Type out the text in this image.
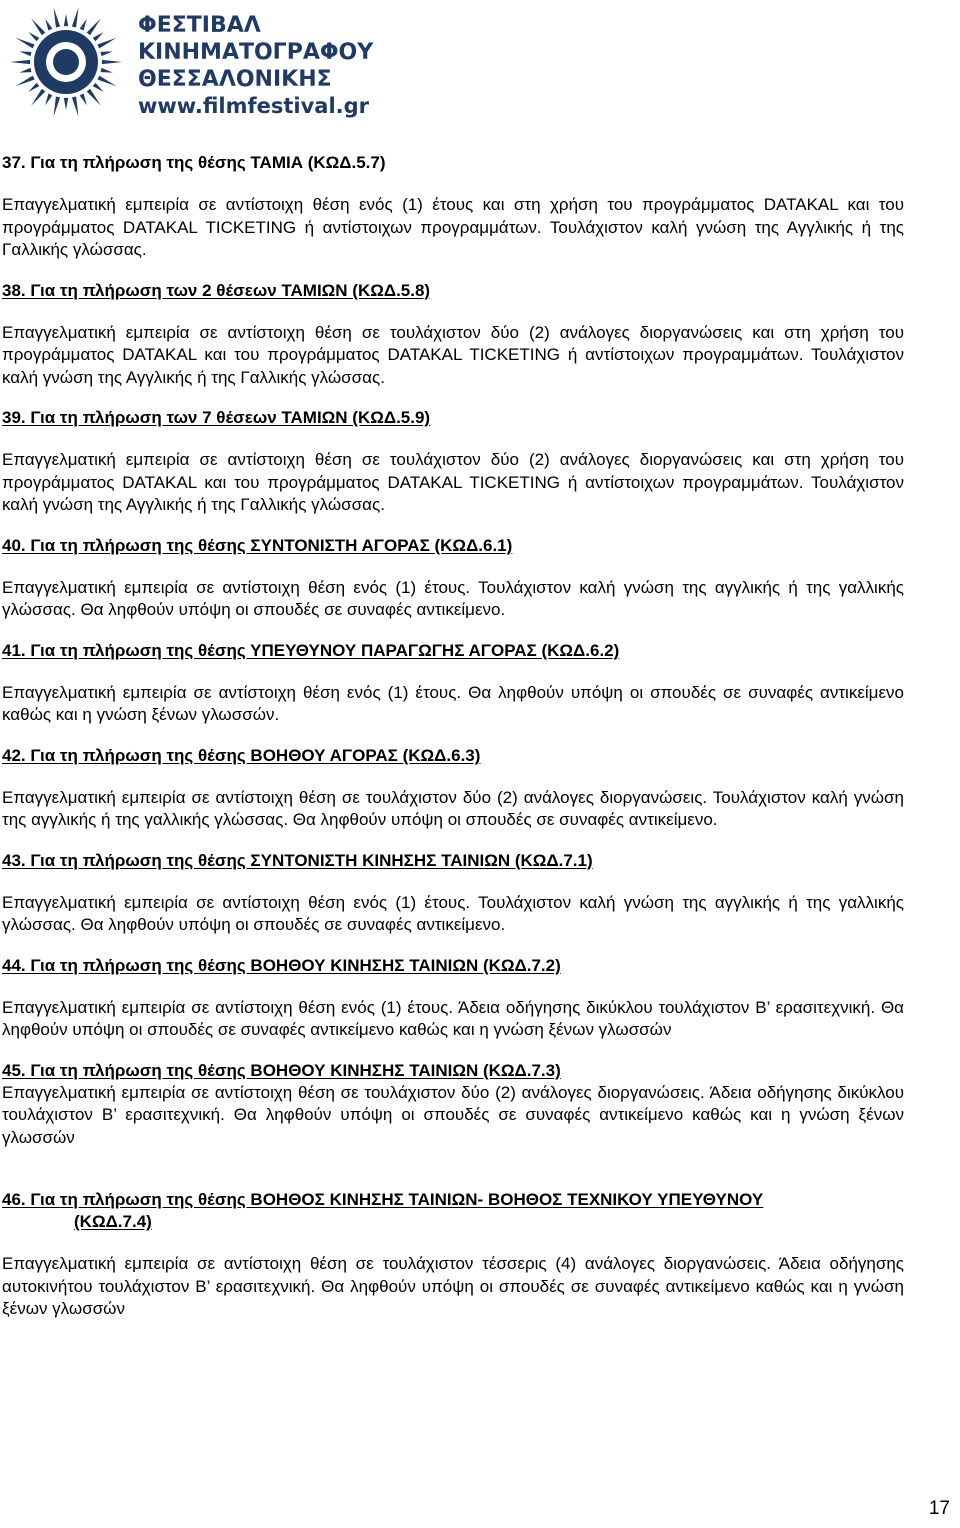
ΦΕΣΤΙΒΑΛ
ΚΙΝΗΜΑΤΟΓΡΑΦΟΥ
ΘΕΣΣΑΛΟΝΙΚΗΣ
www.filmfestival.gr

37. Για τη πλήρωση της θέσης ΤΑΜΙΑ (ΚΩΔ.5.7)

Επαγγελματική εμπειρία σε αντίστοιχη θέση ενός (1) έτους και στη χρήση του προγράμματος DATAKAL και του προγράμματος DATAKAL TICKETING ή αντίστοιχων προγραμμάτων. Τουλάχιστον καλή γνώση της Αγγλικής ή της Γαλλικής γλώσσας.

38. Για τη πλήρωση των 2 θέσεων ΤΑΜΙΩΝ (ΚΩΔ.5.8)

Επαγγελματική εμπειρία σε αντίστοιχη θέση σε τουλάχιστον δύο (2) ανάλογες διοργανώσεις και στη χρήση του προγράμματος DATAKAL και του προγράμματος DATAKAL TICKETING ή αντίστοιχων προγραμμάτων. Τουλάχιστον καλή γνώση της Αγγλικής ή της Γαλλικής γλώσσας.

39. Για τη πλήρωση των 7 θέσεων ΤΑΜΙΩΝ (ΚΩΔ.5.9)

Επαγγελματική εμπειρία σε αντίστοιχη θέση σε τουλάχιστον δύο (2) ανάλογες διοργανώσεις και στη χρήση του προγράμματος DATAKAL και του προγράμματος DATAKAL TICKETING ή αντίστοιχων προγραμμάτων. Τουλάχιστον καλή γνώση της Αγγλικής ή της Γαλλικής γλώσσας.

40. Για τη πλήρωση της θέσης ΣΥΝΤΟΝΙΣΤΗ ΑΓΟΡΑΣ (ΚΩΔ.6.1)

Επαγγελματική εμπειρία σε αντίστοιχη θέση ενός (1) έτους. Τουλάχιστον καλή γνώση της αγγλικής ή της γαλλικής γλώσσας. Θα ληφθούν υπόψη οι σπουδές σε συναφές αντικείμενο.

41. Για τη πλήρωση της θέσης ΥΠΕΥΘΥΝΟΥ ΠΑΡΑΓΩΓΗΣ ΑΓΟΡΑΣ (ΚΩΔ.6.2)

Επαγγελματική εμπειρία σε αντίστοιχη θέση ενός (1) έτους. Θα ληφθούν υπόψη οι σπουδές σε συναφές αντικείμενο καθώς και η γνώση ξένων γλωσσών.

42. Για τη πλήρωση της θέσης ΒΟΗΘΟΥ ΑΓΟΡΑΣ (ΚΩΔ.6.3)

Επαγγελματική εμπειρία σε αντίστοιχη θέση σε τουλάχιστον δύο (2) ανάλογες διοργανώσεις. Τουλάχιστον καλή γνώση της αγγλικής ή της γαλλικής γλώσσας. Θα ληφθούν υπόψη οι σπουδές σε συναφές αντικείμενο.

43. Για τη πλήρωση της θέσης ΣΥΝΤΟΝΙΣΤΗ ΚΙΝΗΣΗΣ ΤΑΙΝΙΩΝ (ΚΩΔ.7.1)

Επαγγελματική εμπειρία σε αντίστοιχη θέση ενός (1) έτους. Τουλάχιστον καλή γνώση της αγγλικής ή της γαλλικής γλώσσας. Θα ληφθούν υπόψη οι σπουδές σε συναφές αντικείμενο.

44. Για τη πλήρωση της θέσης ΒΟΗΘΟΥ ΚΙΝΗΣΗΣ ΤΑΙΝΙΩΝ (ΚΩΔ.7.2)

Επαγγελματική εμπειρία σε αντίστοιχη θέση ενός (1) έτους. Άδεια οδήγησης δικύκλου τουλάχιστον Β’ ερασιτεχνική. Θα ληφθούν υπόψη οι σπουδές σε συναφές αντικείμενο καθώς και η γνώση ξένων γλωσσών

45. Για τη πλήρωση της θέσης ΒΟΗΘΟΥ ΚΙΝΗΣΗΣ ΤΑΙΝΙΩΝ (ΚΩΔ.7.3)

Επαγγελματική εμπειρία σε αντίστοιχη θέση σε τουλάχιστον δύο (2) ανάλογες διοργανώσεις. Άδεια οδήγησης δικύκλου τουλάχιστον Β’ ερασιτεχνική. Θα ληφθούν υπόψη οι σπουδές σε συναφές αντικείμενο καθώς και η γνώση ξένων γλωσσών

46. Για τη πλήρωση της θέσης ΒΟΗΘΟΣ ΚΙΝΗΣΗΣ ΤΑΙΝΙΩΝ- ΒΟΗΘΟΣ ΤΕΧΝΙΚΟΥ ΥΠΕΥΘΥΝΟΥ
(ΚΩΔ.7.4)

Επαγγελματική εμπειρία σε αντίστοιχη θέση σε τουλάχιστον τέσσερις (4) ανάλογες διοργανώσεις. Άδεια οδήγησης αυτοκινήτου τουλάχιστον Β’ ερασιτεχνική. Θα ληφθούν υπόψη οι σπουδές σε συναφές αντικείμενο καθώς και η γνώση ξένων γλωσσών

17
